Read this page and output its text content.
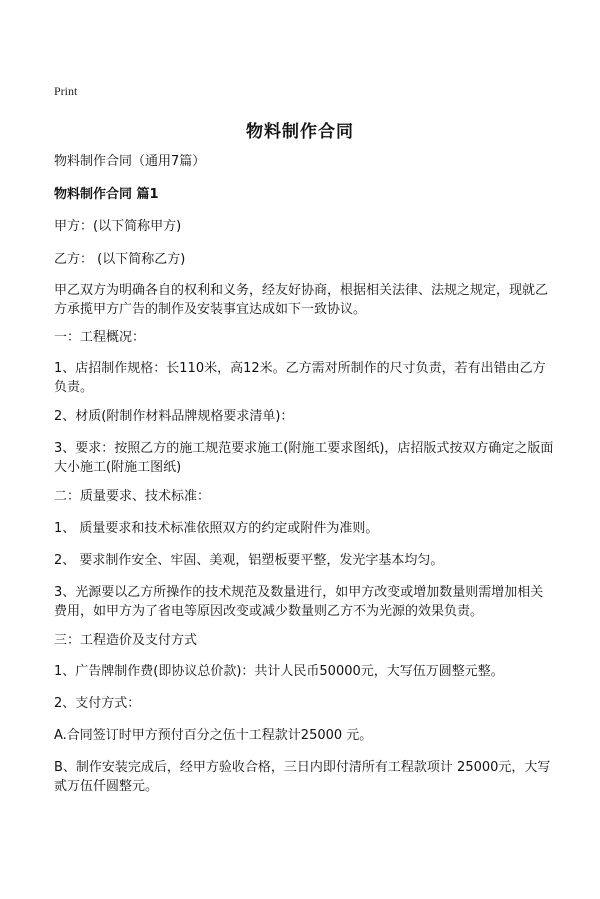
Print
物料制作合同
物料制作合同（通用7篇）
物料制作合同 篇1
甲方：(以下简称甲方)
乙方： (以下简称乙方)
甲乙双方为明确各自的权利和义务，经友好协商，根据相关法律、法规之规定，现就乙方承揽甲方广告的制作及安装事宜达成如下一致协议。
一：工程概况：
1、店招制作规格：长110米，高12米。乙方需对所制作的尺寸负责，若有出错由乙方负责。
2、材质(附制作材料品牌规格要求清单)：
3、要求：按照乙方的施工规范要求施工(附施工要求图纸)，店招版式按双方确定之版面大小施工(附施工图纸)
二：质量要求、技术标准：
1、 质量要求和技术标准依照双方的约定或附件为准则。
2、 要求制作安全、牢固、美观，铝塑板要平整，发光字基本均匀。
3、光源要以乙方所操作的技术规范及数量进行，如甲方改变或增加数量则需增加相关费用，如甲方为了省电等原因改变或减少数量则乙方不为光源的效果负责。
三：工程造价及支付方式
1、广告牌制作费(即协议总价款)：共计人民币50000元，大写伍万圆整元整。
2、支付方式：
A.合同签订时甲方预付百分之伍十工程款计25000 元。
B、制作安装完成后，经甲方验收合格，三日内即付清所有工程款项计 25000元，大写贰万伍仟圆整元。
